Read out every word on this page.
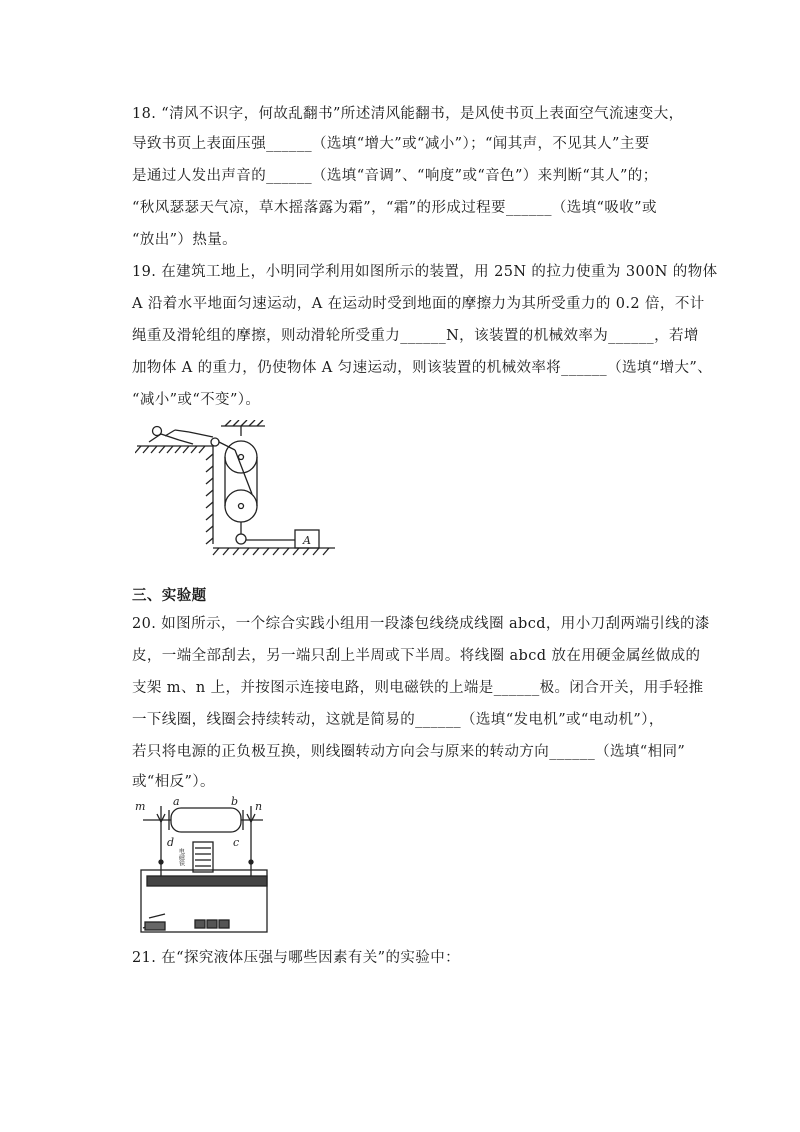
18. “清风不识字，何故乱翻书”所述清风能翻书，是风使书页上表面空气流速变大，
导致书页上表面压强______（选填“增大”或“减小”）；“闻其声，不见其人”主要
是通过人发出声音的______（选填“音调”、“响度”或“音色”）来判断“其人”的；
“秋风瑟瑟天气凉，草木摇落露为霜”，“霜”的形成过程要______（选填“吸收”或
“放出”）热量。
19. 在建筑工地上，小明同学利用如图所示的装置，用 25N 的拉力使重为 300N 的物体
A 沿着水平地面匀速运动，A 在运动时受到地面的摩擦力为其所受重力的 0.2 倍，不计
绳重及滑轮组的摩擦，则动滑轮所受重力______N，该装置的机械效率为______，若增
加物体 A 的重力，仍使物体 A 匀速运动，则该装置的机械效率将______（选填“增大”、
“减小”或“不变”）。
A
三、实验题
20. 如图所示，一个综合实践小组用一段漆包线绕成线圈 abcd，用小刀刮两端引线的漆
皮，一端全部刮去，另一端只刮上半周或下半周。将线圈 abcd 放在用硬金属丝做成的
支架 m、n 上，并按图示连接电路，则电磁铁的上端是______极。闭合开关，用手轻推
一下线圈，线圈会持续转动，这就是简易的______（选填“发电机”或“电动机”），
若只将电源的正负极互换，则线圈转动方向会与原来的转动方向______（选填“相同”
或“相反”）。
m	n
a	b
d	c
电磁铁
21. 在“探究液体压强与哪些因素有关”的实验中：
